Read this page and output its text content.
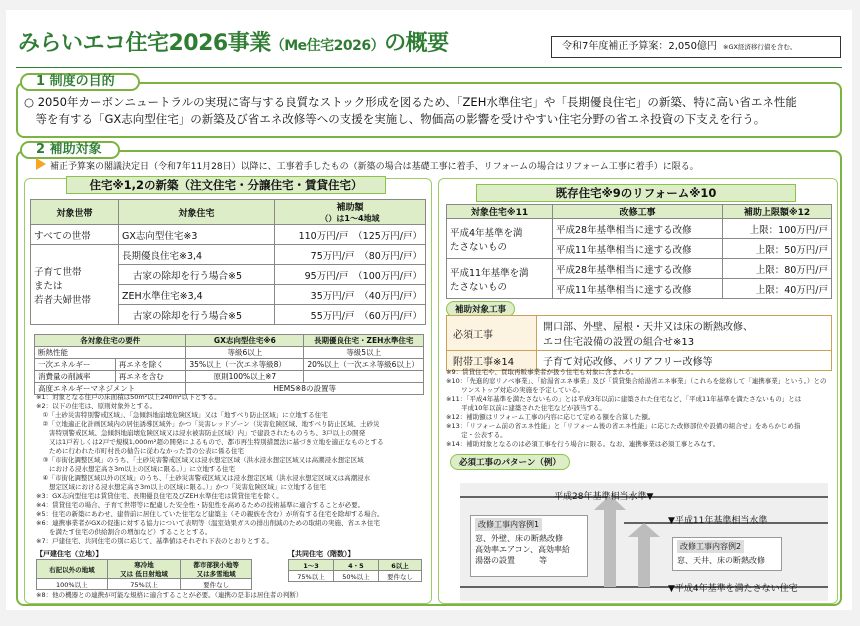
みらいエコ住宅2026事業（Me住宅2026）の概要	令和7年度補正予算案：2,050億円 ※GX経済移行債を含む。
1 制度の目的
○ 2050年カーボンニュートラルの実現に寄与する良質なストック形成を図るため、「ZEH水準住宅」や「長期優良住宅」の新築、特に高い省エネ性能
　等を有する「GX志向型住宅」の新築及び省エネ改修等への支援を実施し、物価高の影響を受けやすい住宅分野の省エネ投資の下支えを行う。
2 補助対象
補正予算案の閣議決定日（令和7年11月28日）以降に、工事着手したもの（新築の場合は基礎工事に着手、リフォームの場合はリフォーム工事に着手）に限る。
住宅※1,2の新築（注文住宅・分譲住宅・賃貸住宅）
対象世帯	対象住宅	補助額
（）は1～4地域

すべての世帯	GX志向型住宅※3	110万円/戸　（125万円/戸）

子育て世帯
または
若者夫婦世帯	長期優良住宅※3,4	75万円/戸　（80万円/戸）
	古家の除却を行う場合※5	95万円/戸　（100万円/戸）
	ZEH水準住宅※3,4	35万円/戸　（40万円/戸）
	古家の除却を行う場合※5	55万円/戸　（60万円/戸）
各対象住宅の要件		GX志向型住宅※6	長期優良住宅・ZEH水準住宅
断熱性能		等級6以上	等級5以上
一次エネルギー	再エネを除く	35%以上（一次エネ等級8）	20%以上（一次エネ等級6以上）
消費量の削減率	再エネを含む	原則100%以上※7	
高度エネルギーマネジメント		HEMS※8の設置等	
※1：対象となる住戸の床面積は50m²以上240m²以下とする。
※2：以下の住宅は、原則対象外とする。
　①「土砂災害特別警戒区域」、「急傾斜地崩壊危険区域」又は「地すべり防止区域」に立地する住宅
　②「立地適正化計画区域内の居住誘導区域外」かつ「災害レッドゾーン（災害危険区域、地すべり防止区域、土砂災
　　害特別警戒区域、急傾斜地崩壊危険区域又は浸水被害防止区域）内」で建設されたものうち、3戸以上の開発
　　又は1戸若しくは2戸で規模1,000m²超の開発によるもので、都市再生特別措置法に基づき立地を適正なものとする
　　ために行われた市町村長の勧告に従わなかった旨の公表に係る住宅
　③「市街化調整区域」のうち、「土砂災害警戒区域又は浸水想定区域（洪水浸水想定区域又は高潮浸水想定区域
　　における浸水想定高さ3m以上の区域に限る。）」に立地する住宅
　④「市街化調整区域以外の区域」のうち、「土砂災害警戒区域又は浸水想定区域（洪水浸水想定区域又は高潮浸水
　　想定区域における浸水想定高さ3m以上の区域に限る。）」かつ「災害危険区域」に立地する住宅
※3：GX志向型住宅は賃貸住宅、長期優良住宅及びZEH水準住宅は賃貸住宅を除く。
※4：賃貸住宅の場合、子育て世帯等に配慮した安全性・防犯性を高めるための技術基準に適合することが必要。
※5：住宅の新築にあわせ、建替前に居住していた住宅など建築主（その親族を含む）が所有する住宅を除却する場合。
※6：連携事業者がGXの促進に対する協力について表明等（温室効果ガスの排出削減のための取組の実施、省エネ住宅
　　を満たす住宅の供給割合の増加など）することとする。
※7：戸建住宅、共同住宅の別に応じて、基準値はそれぞれ下表のとおりとする。
【戸建住宅（立地）】
右記以外の地域	寒冷地
又は 低日射地域	都市部狭小地等
又は多雪地域
100%以上	75%以上	要件なし
【共同住宅（階数）】
1～3	4・5	6以上
75%以上	50%以上	要件なし
※8：他の機器との連携が可能な規格に適合することが必要。（連携の是非は居住者の判断）
既存住宅※9のリフォーム※10
対象住宅※11	改修工事	補助上限額※12

平成4年基準を満
たさないもの	平成28年基準相当に達する改修	上限：100万円/戸
	平成11年基準相当に達する改修	上限：50万円/戸

平成11年基準を満
たさないもの	平成28年基準相当に達する改修	上限：80万円/戸
	平成11年基準相当に達する改修	上限：40万円/戸
補助対象工事
必須工事	開口部、外壁、屋根・天井又は床の断熱改修、
エコ住宅設備の設置の組合せ※13

附帯工事※14	子育て対応改修、バリアフリー改修等
※9：賃貸住宅や、買取再販事業者が扱う住宅も対象に含まれる。
※10：「先進的窓リノベ事業」、「給湯省エネ事業」及び「賃貸集合給湯省エネ事業」（これらを総称して「連携事業」という。）との
　　 ワンストップ対応の実施を予定している。
※11：「平成4年基準を満たさないもの」とは平成3年以前に建築された住宅など、「平成11年基準を満たさないもの」とは
　　 平成10年以前に建築された住宅などが該当する。
※12：補助額はリフォーム工事の内容に応じて定める額を合算した額。
※13：「リフォーム前の省エネ性能」と「リフォーム後の省エネ性能」に応じた改修部位や設備の組合せ」をあらかじめ指
　　 定・公表する。
※14：補助対象となるのは必須工事を行う場合に限る。なお、連携事業は必須工事とみなす。
必須工事のパターン（例）
平成28年基準相当水準▼
▼平成11年基準相当水準
▼平成4年基準を満たさない住宅
改修工事内容例1
窓、外壁、床の断熱改修
高効率エアコン、高効率給
湯器の設置　　　等
改修工事内容例2
窓、天井、床の断熱改修
